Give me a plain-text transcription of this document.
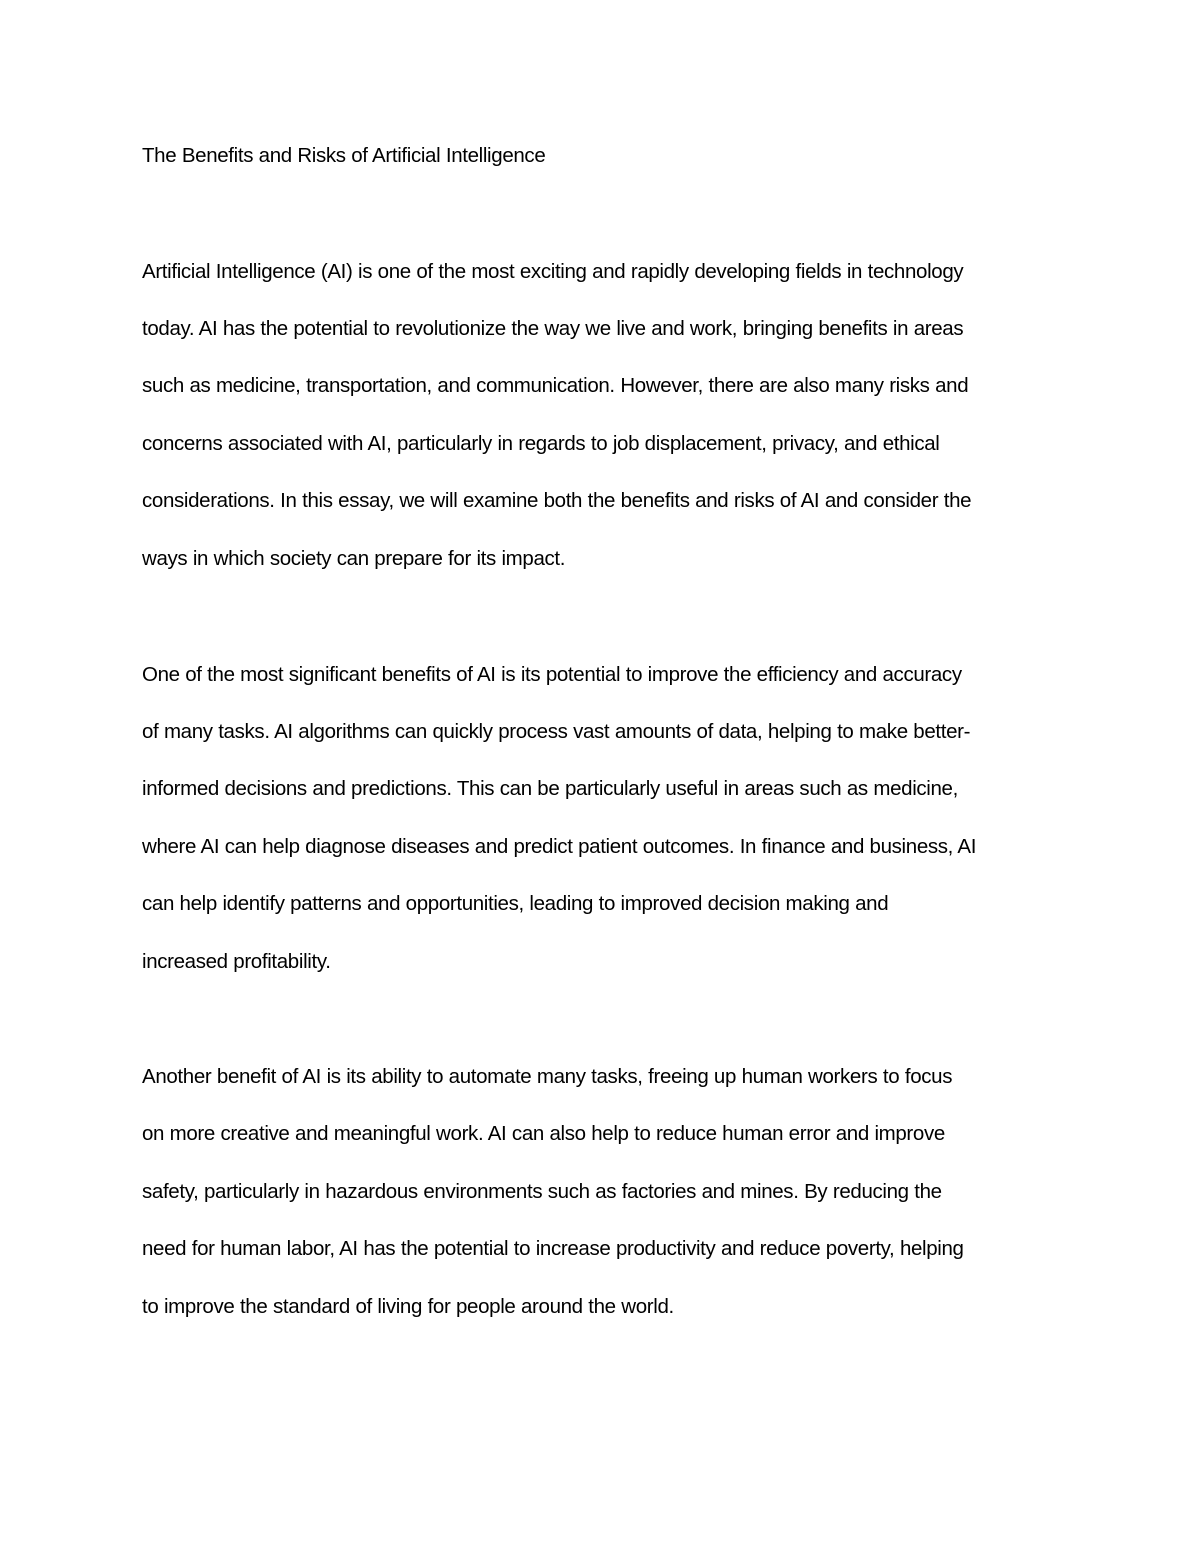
The Benefits and Risks of Artificial Intelligence
Artificial Intelligence (AI) is one of the most exciting and rapidly developing fields in technology
today. AI has the potential to revolutionize the way we live and work, bringing benefits in areas
such as medicine, transportation, and communication. However, there are also many risks and
concerns associated with AI, particularly in regards to job displacement, privacy, and ethical
considerations. In this essay, we will examine both the benefits and risks of AI and consider the
ways in which society can prepare for its impact.
One of the most significant benefits of AI is its potential to improve the efficiency and accuracy
of many tasks. AI algorithms can quickly process vast amounts of data, helping to make better-
informed decisions and predictions. This can be particularly useful in areas such as medicine,
where AI can help diagnose diseases and predict patient outcomes. In finance and business, AI
can help identify patterns and opportunities, leading to improved decision making and
increased profitability.
Another benefit of AI is its ability to automate many tasks, freeing up human workers to focus
on more creative and meaningful work. AI can also help to reduce human error and improve
safety, particularly in hazardous environments such as factories and mines. By reducing the
need for human labor, AI has the potential to increase productivity and reduce poverty, helping
to improve the standard of living for people around the world.
